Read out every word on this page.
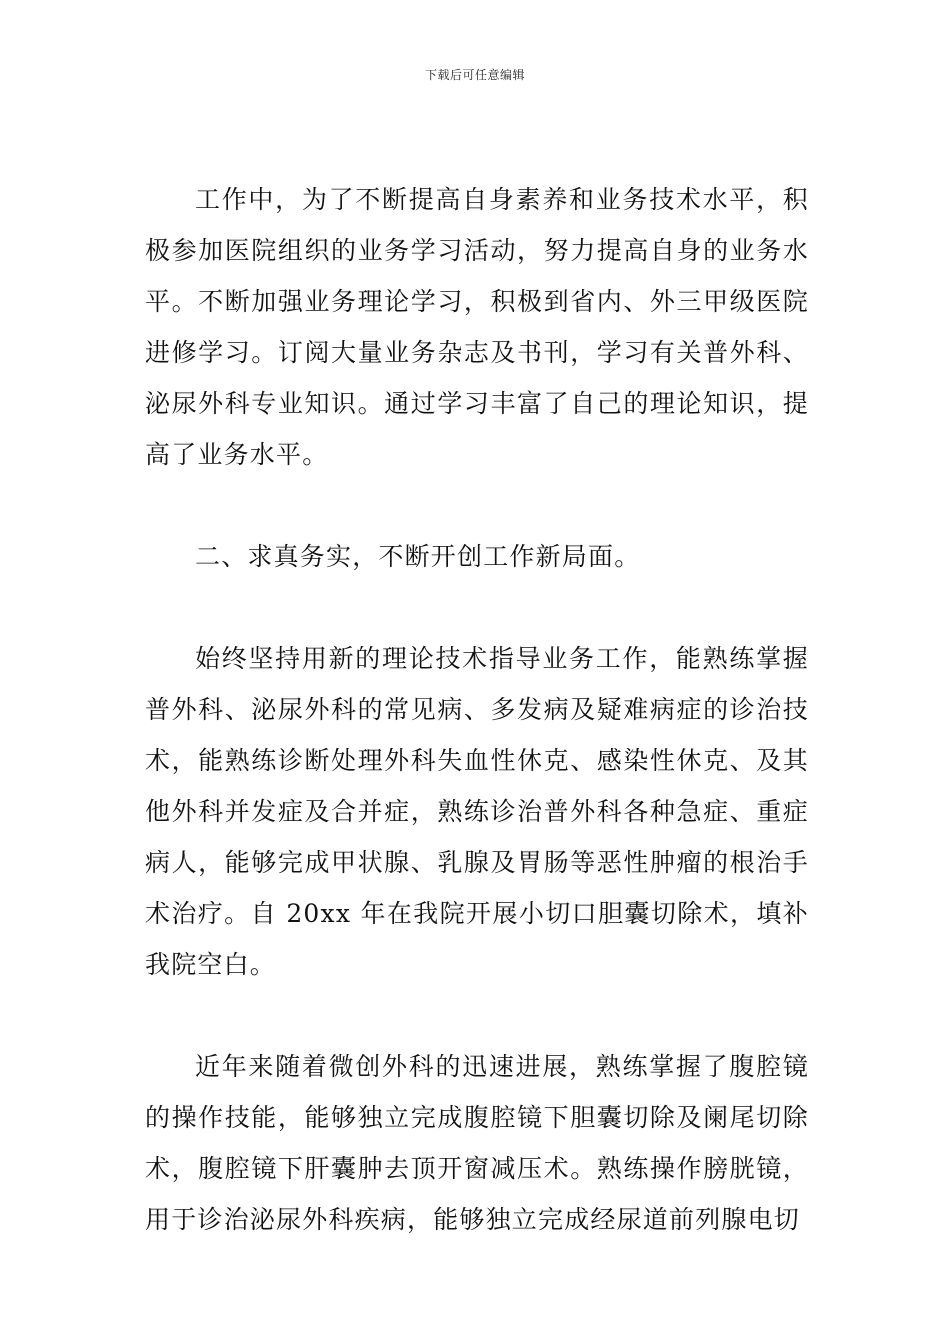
下载后可任意编辑

工作中，为了不断提高自身素养和业务技术水平，积极参加医院组织的业务学习活动，努力提高自身的业务水平。不断加强业务理论学习，积极到省内、外三甲级医院进修学习。订阅大量业务杂志及书刊，学习有关普外科、泌尿外科专业知识。通过学习丰富了自己的理论知识，提高了业务水平。

二、求真务实，不断开创工作新局面。

始终坚持用新的理论技术指导业务工作，能熟练掌握普外科、泌尿外科的常见病、多发病及疑难病症的诊治技术，能熟练诊断处理外科失血性休克、感染性休克、及其他外科并发症及合并症，熟练诊治普外科各种急症、重症病人，能够完成甲状腺、乳腺及胃肠等恶性肿瘤的根治手术治疗。自 20xx 年在我院开展小切口胆囊切除术，填补我院空白。

近年来随着微创外科的迅速进展，熟练掌握了腹腔镜的操作技能，能够独立完成腹腔镜下胆囊切除及阑尾切除术，腹腔镜下肝囊肿去顶开窗减压术。熟练操作膀胱镜，用于诊治泌尿外科疾病，能够独立完成经尿道前列腺电切
